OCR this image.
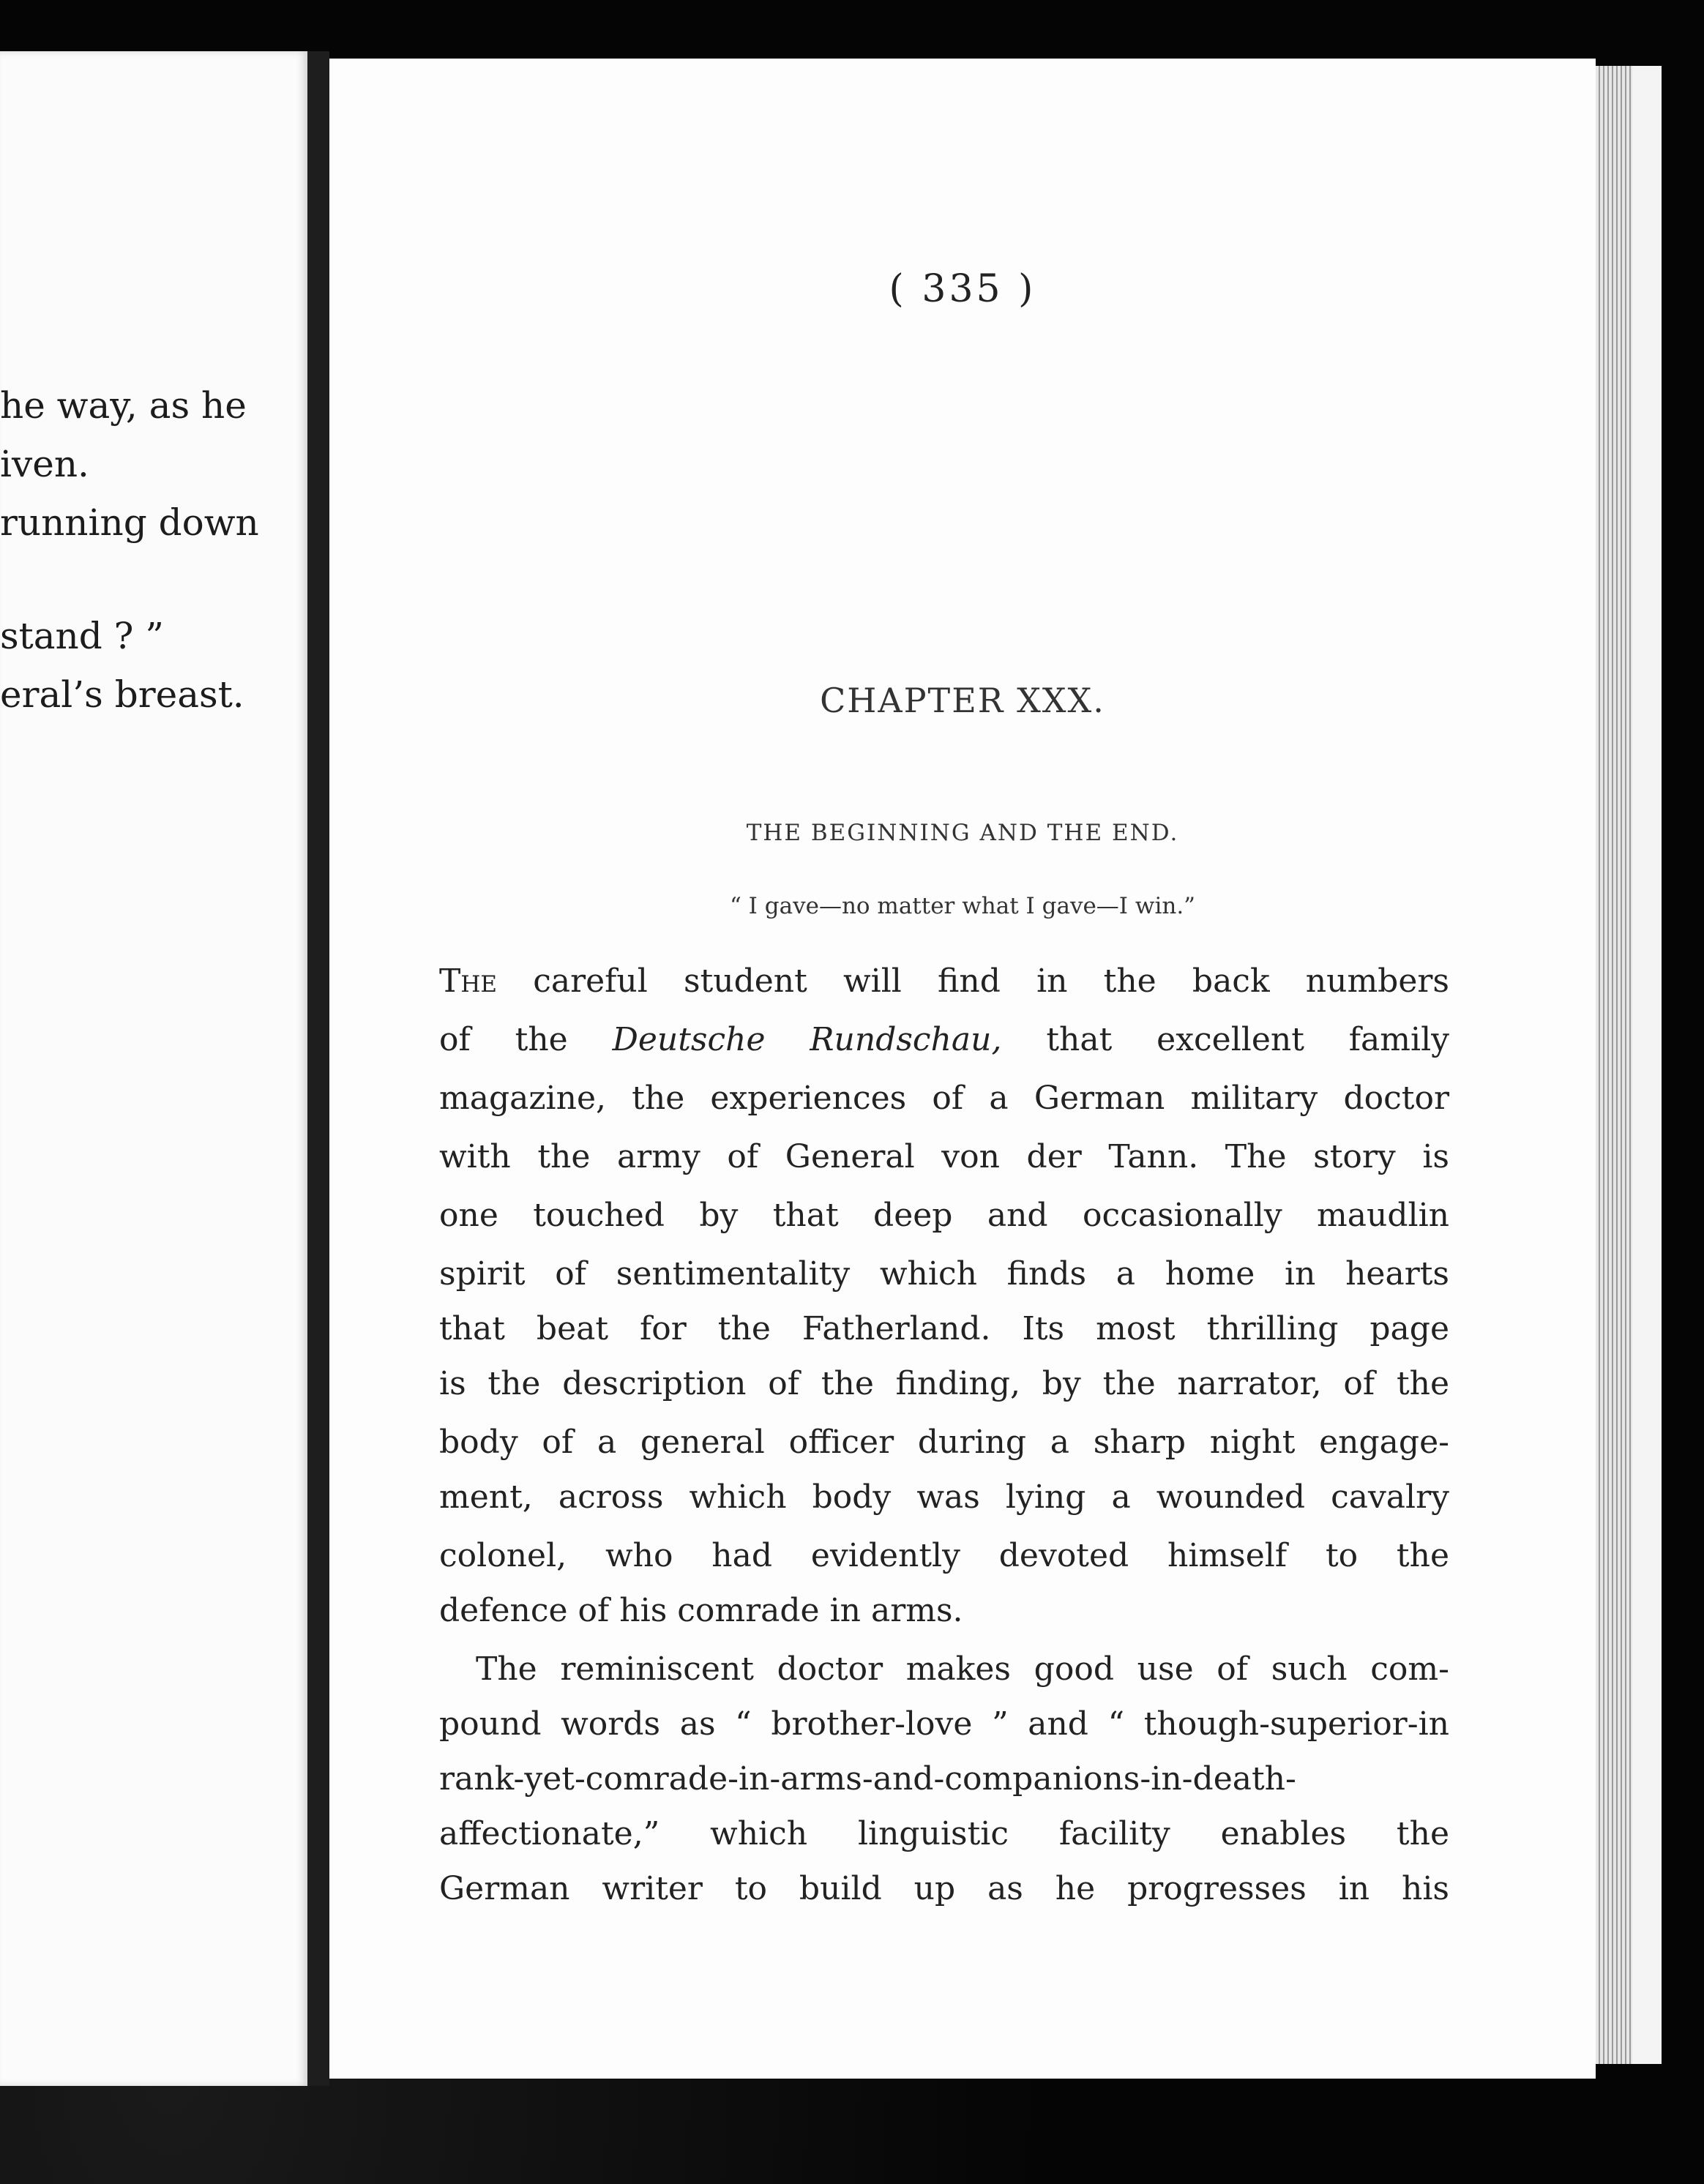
he way, as he
iven.
running down
stand ? ”
eral’s breast.
( 335 )
CHAPTER XXX.
THE BEGINNING AND THE END.
“ I gave—no matter what I gave—I win.”
The careful student will find in the back numbers
of the Deutsche Rundschau, that excellent family
magazine, the experiences of a German military doctor
with the army of General von der Tann. The story is
one touched by that deep and occasionally maudlin
spirit of sentimentality which finds a home in hearts
that beat for the Fatherland. Its most thrilling page
is the description of the finding, by the narrator, of the
body of a general officer during a sharp night engage-
ment, across which body was lying a wounded cavalry
colonel, who had evidently devoted himself to the
defence of his comrade in arms.
The reminiscent doctor makes good use of such com-
pound words as “ brother-love ” and “ though-superior-in
rank-yet-comrade-in-arms-and-companions-in-death-
affectionate,” which linguistic facility enables the
German writer to build up as he progresses in his
